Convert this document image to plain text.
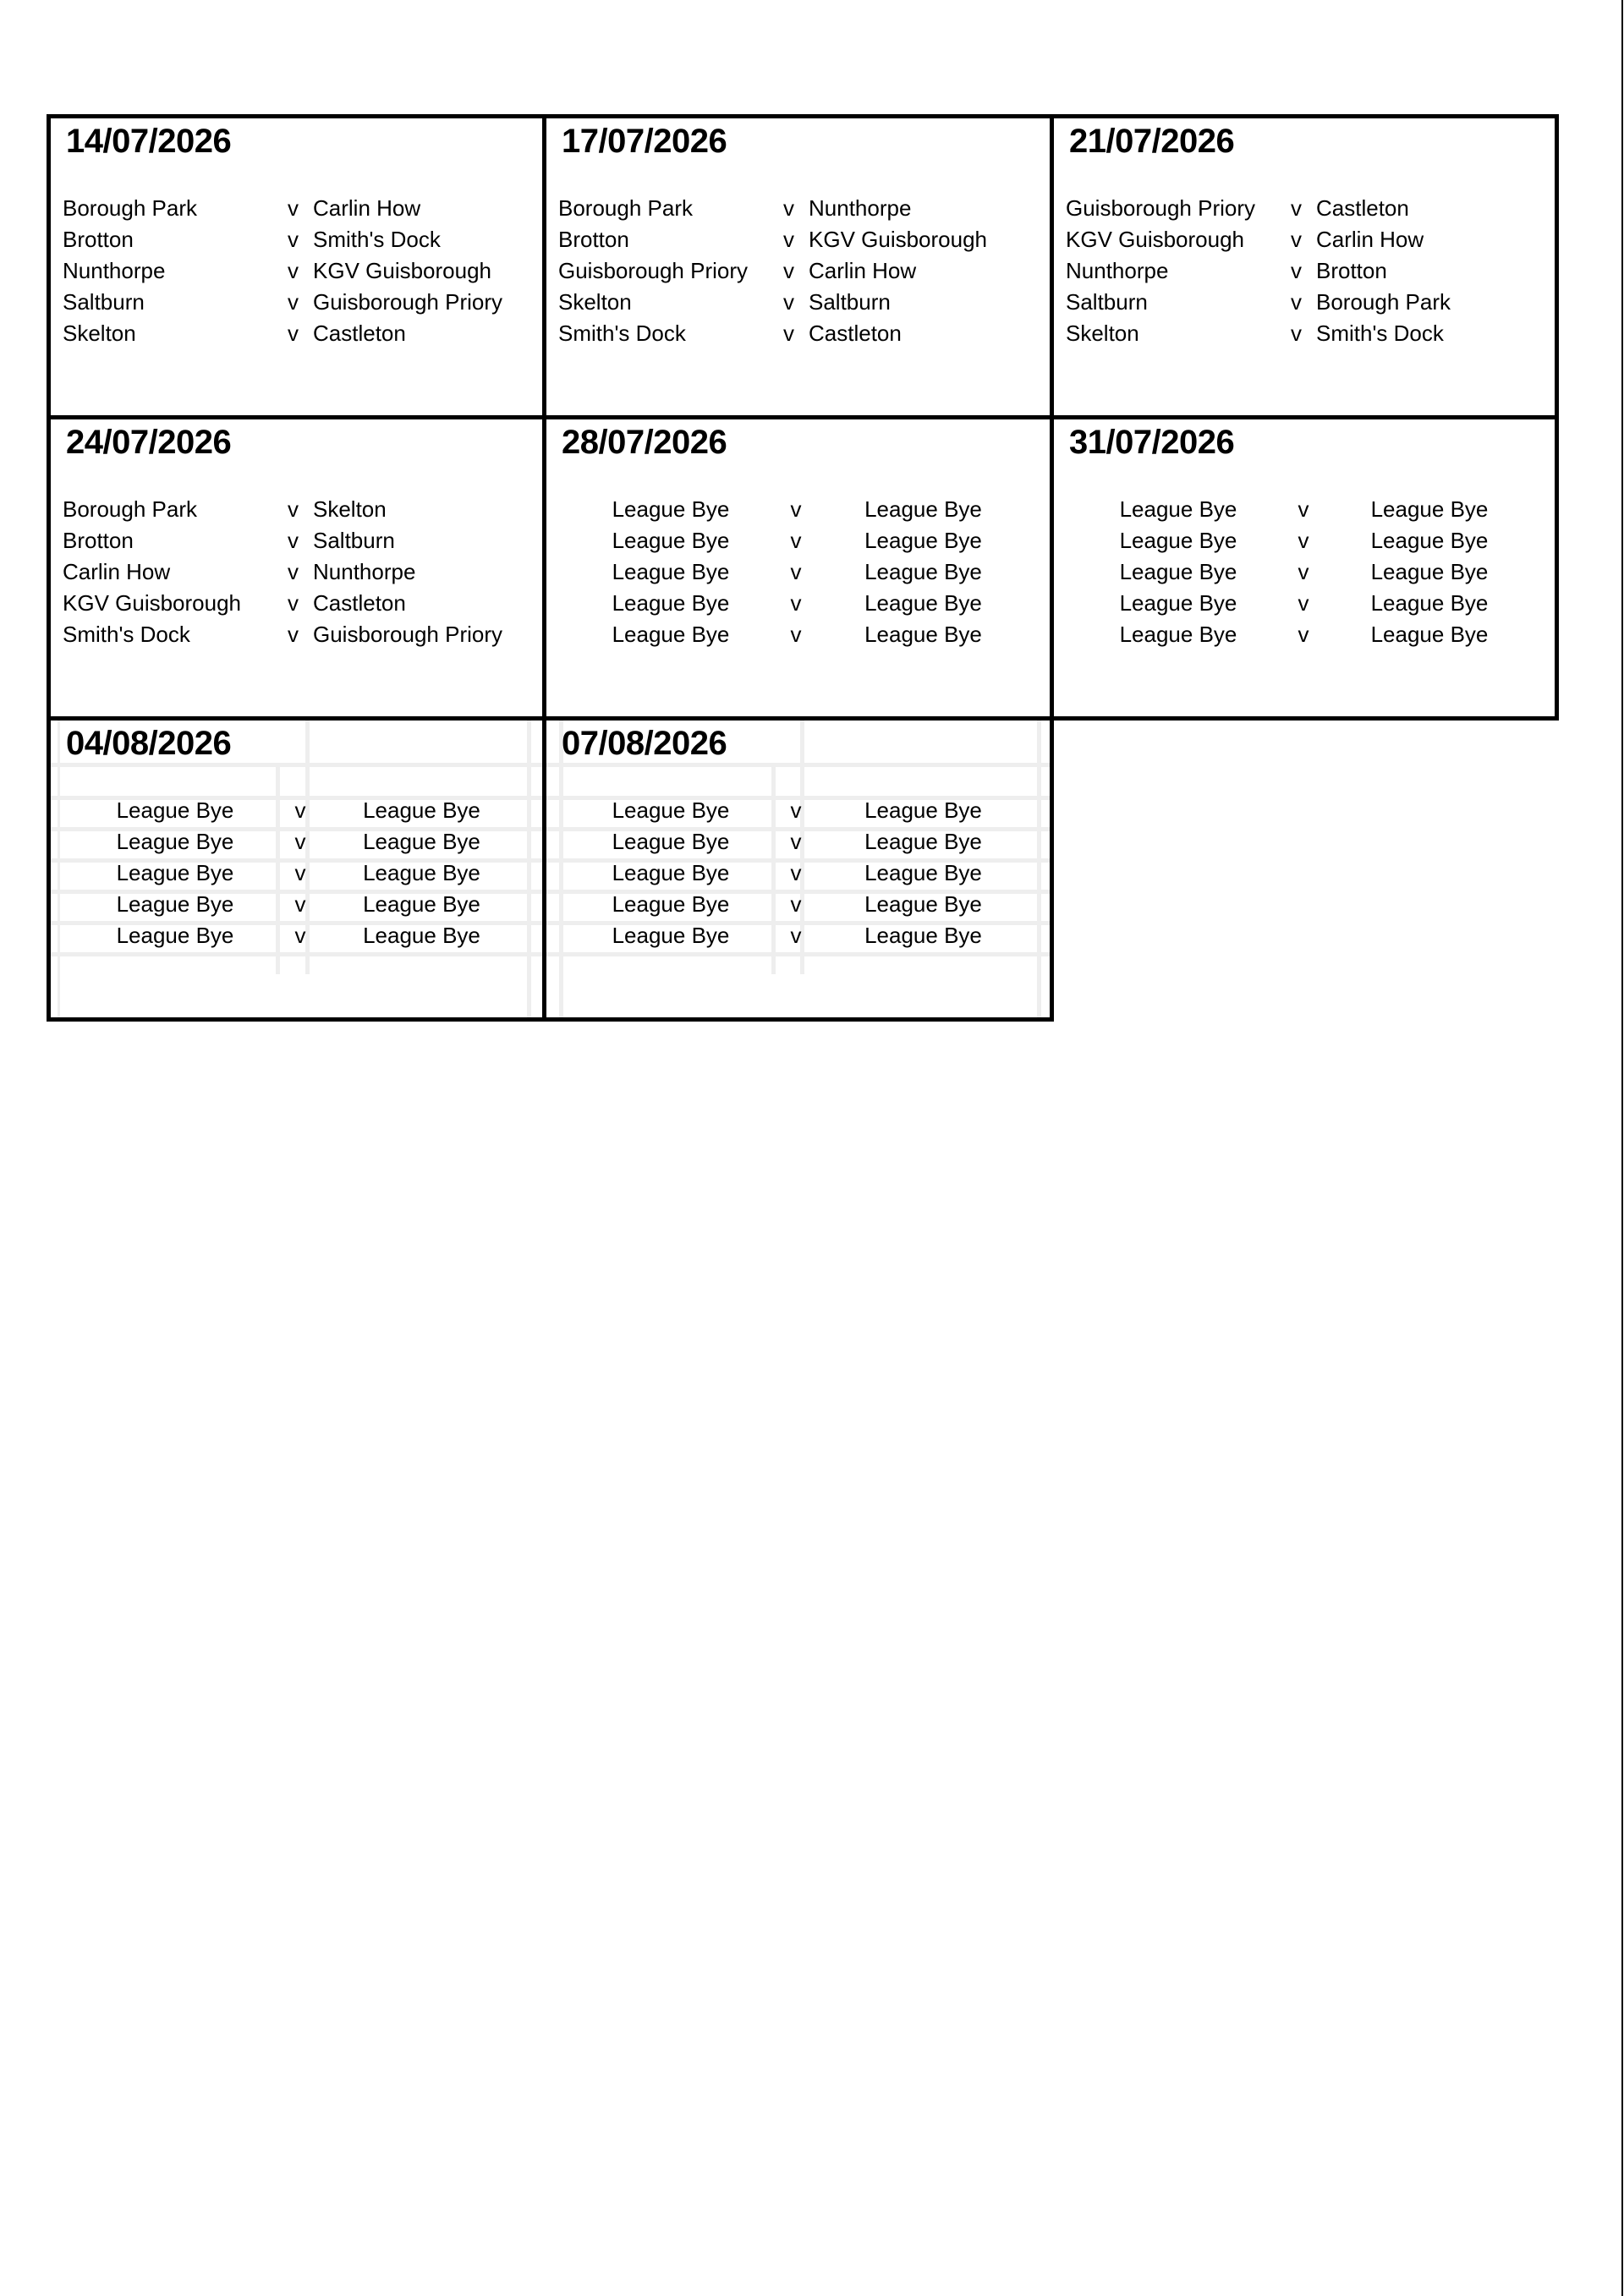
14/07/2026
Borough Park	v Carlin How
Brotton	v Smith's Dock
Nunthorpe	v KGV Guisborough
Saltburn	v Guisborough Priory
Skelton	v Castleton
17/07/2026
Borough Park	v Nunthorpe
Brotton	v KGV Guisborough
Guisborough Priory	v Carlin How
Skelton	v Saltburn
Smith's Dock	v Castleton
21/07/2026
Guisborough Priory	v Castleton
KGV Guisborough	v Carlin How
Nunthorpe	v Brotton
Saltburn	v Borough Park
Skelton	v Smith's Dock
24/07/2026
Borough Park	v Skelton
Brotton	v Saltburn
Carlin How	v Nunthorpe
KGV Guisborough	v Castleton
Smith's Dock	v Guisborough Priory
28/07/2026
League Bye	v	League Bye
League Bye	v	League Bye
League Bye	v	League Bye
League Bye	v	League Bye
League Bye	v	League Bye
31/07/2026
League Bye	v	League Bye
League Bye	v	League Bye
League Bye	v	League Bye
League Bye	v	League Bye
League Bye	v	League Bye
04/08/2026
League Bye	v	League Bye
League Bye	v	League Bye
League Bye	v	League Bye
League Bye	v	League Bye
League Bye	v	League Bye
07/08/2026
League Bye	v	League Bye
League Bye	v	League Bye
League Bye	v	League Bye
League Bye	v	League Bye
League Bye	v	League Bye
